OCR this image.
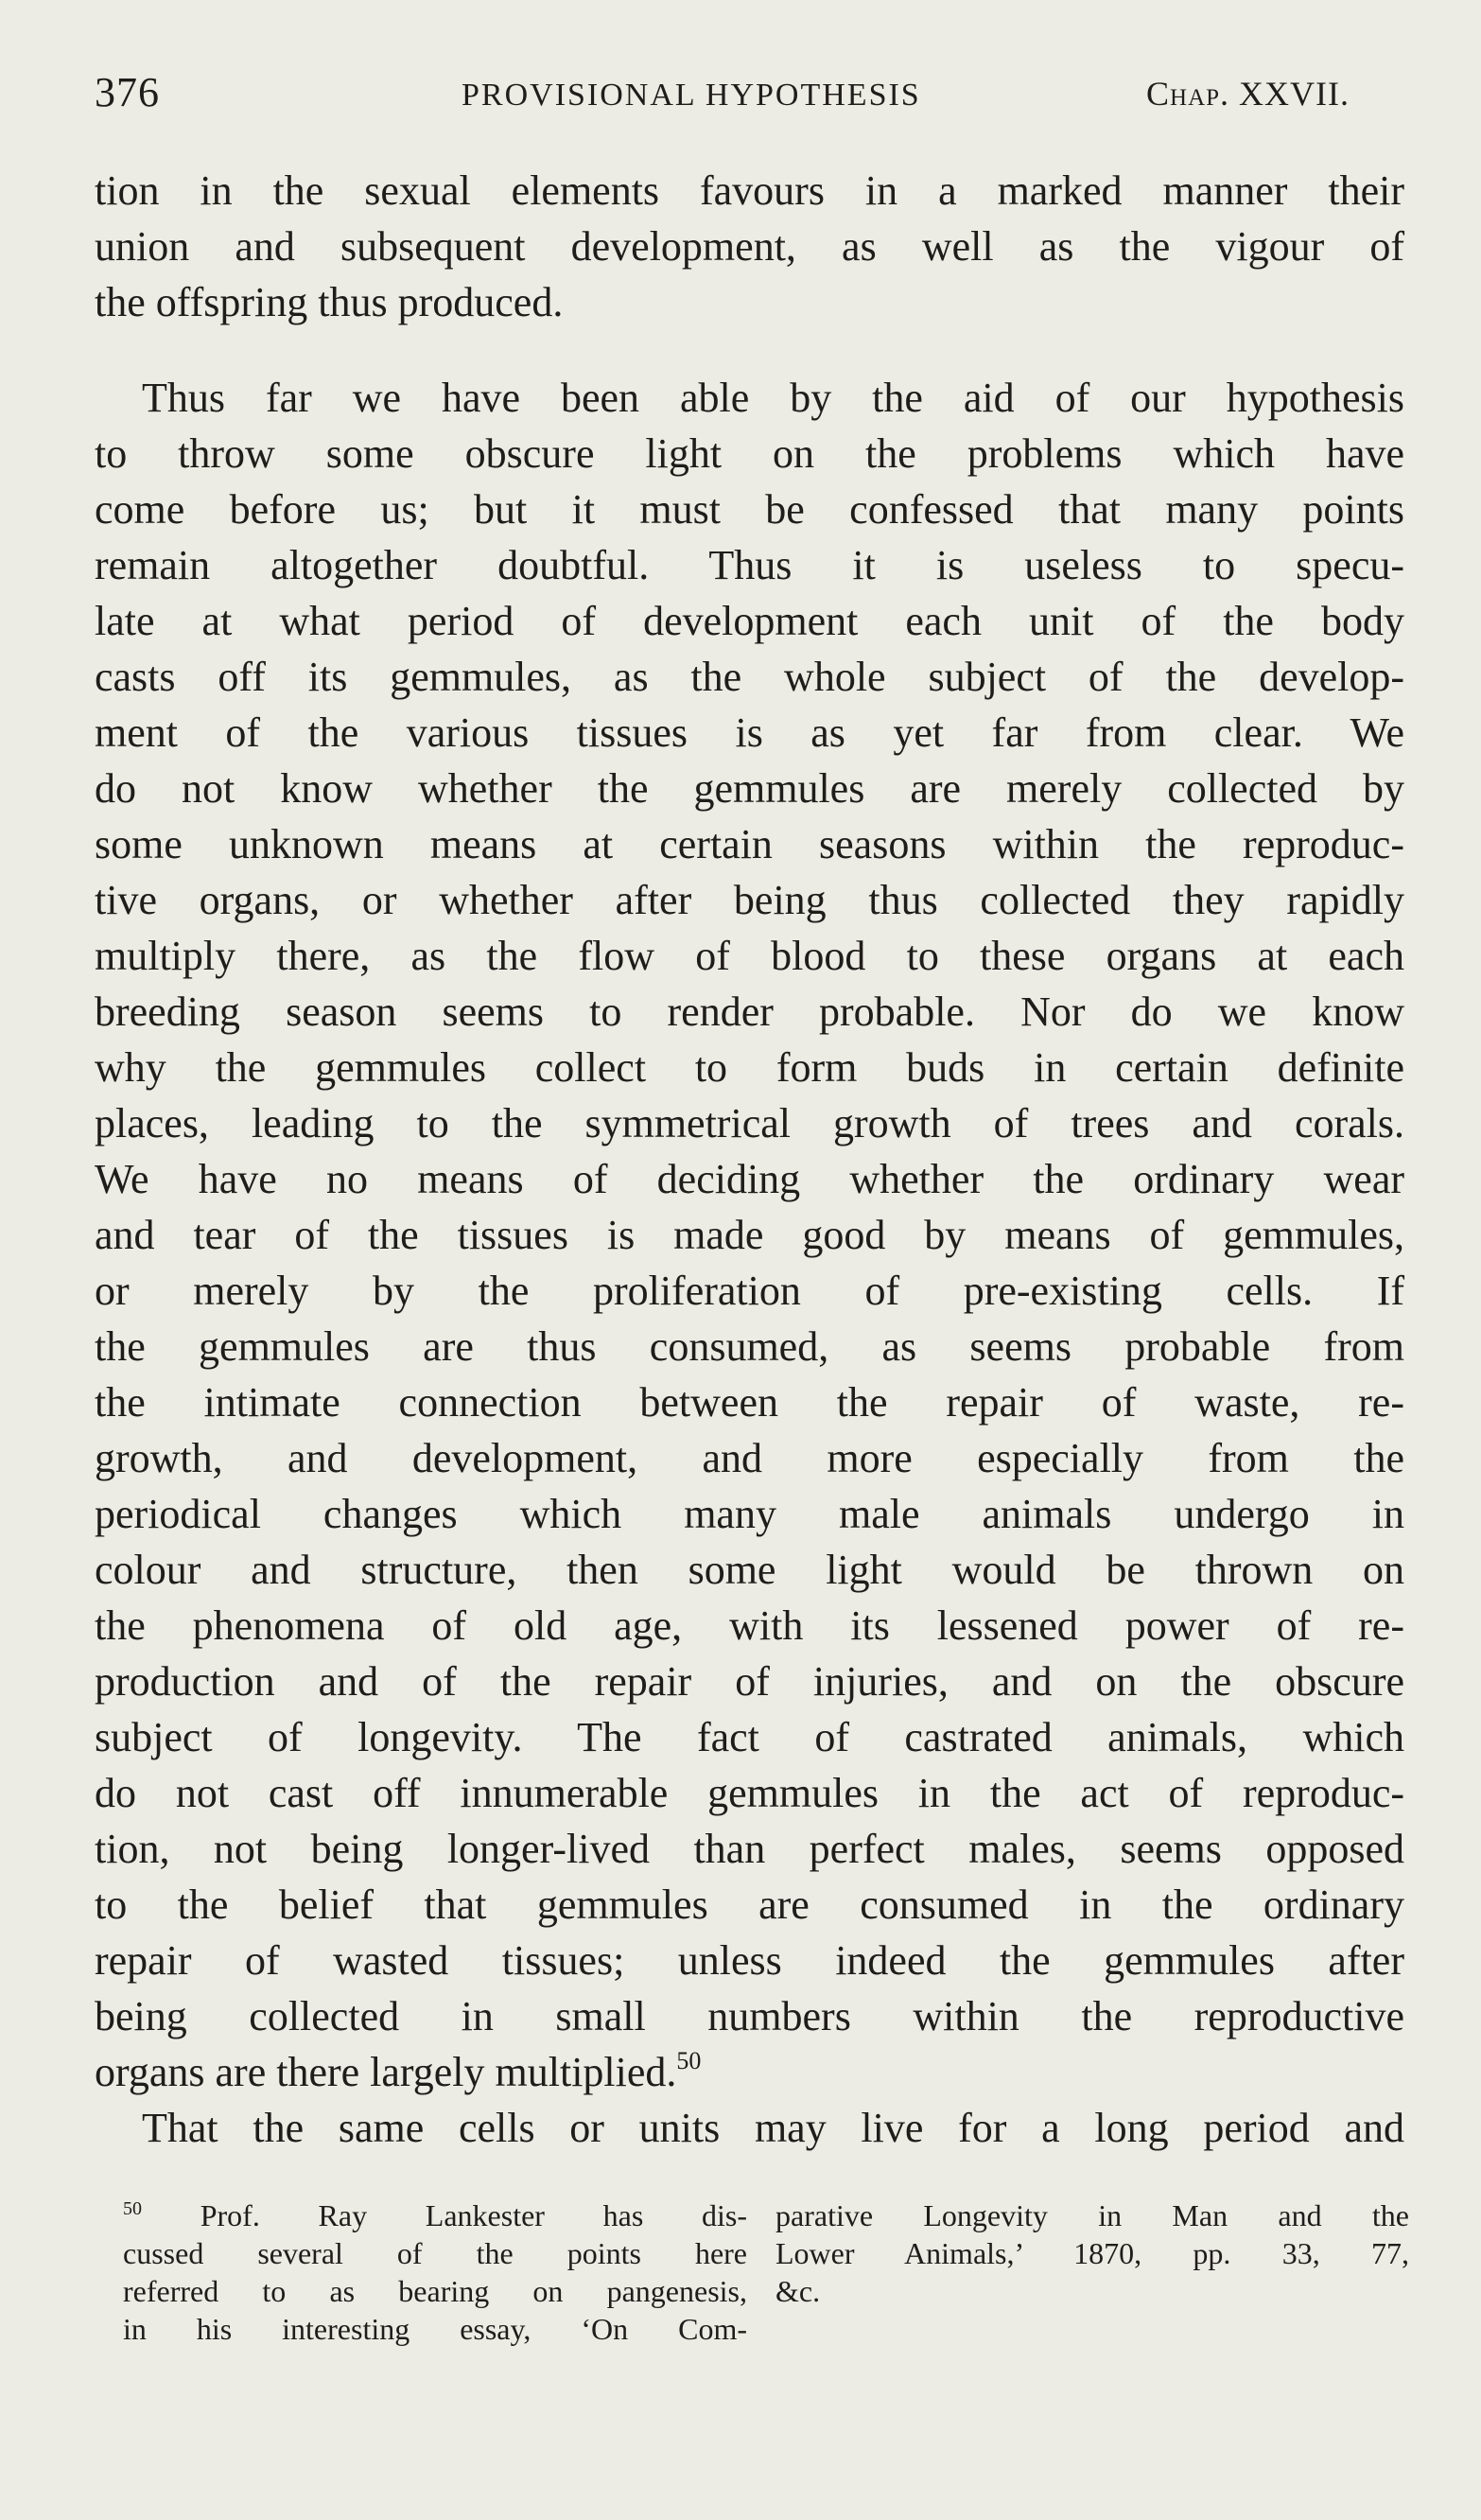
376	PROVISIONAL HYPOTHESIS	Chap. XXVII.
tion in the sexual elements favours in a marked manner their
union and subsequent development, as well as the vigour of
the offspring thus produced.
Thus far we have been able by the aid of our hypothesis
to throw some obscure light on the problems which have
come before us; but it must be confessed that many points
remain altogether doubtful. Thus it is useless to specu-
late at what period of development each unit of the body
casts off its gemmules, as the whole subject of the develop-
ment of the various tissues is as yet far from clear. We
do not know whether the gemmules are merely collected by
some unknown means at certain seasons within the reproduc-
tive organs, or whether after being thus collected they rapidly
multiply there, as the flow of blood to these organs at each
breeding season seems to render probable. Nor do we know
why the gemmules collect to form buds in certain definite
places, leading to the symmetrical growth of trees and corals.
We have no means of deciding whether the ordinary wear
and tear of the tissues is made good by means of gemmules,
or merely by the proliferation of pre-existing cells. If
the gemmules are thus consumed, as seems probable from
the intimate connection between the repair of waste, re-
growth, and development, and more especially from the
periodical changes which many male animals undergo in
colour and structure, then some light would be thrown on
the phenomena of old age, with its lessened power of re-
production and of the repair of injuries, and on the obscure
subject of longevity. The fact of castrated animals, which
do not cast off innumerable gemmules in the act of reproduc-
tion, not being longer-lived than perfect males, seems opposed
to the belief that gemmules are consumed in the ordinary
repair of wasted tissues; unless indeed the gemmules after
being collected in small numbers within the reproductive
organs are there largely multiplied.$^{50}$
That the same cells or units may live for a long period and
$^{50}$ Prof. Ray Lankester has dis-
cussed several of the points here
referred to as bearing on pangenesis,
in his interesting essay, ‘On Com-
parative Longevity in Man and the
Lower Animals,’ 1870, pp. 33, 77,
&c.
